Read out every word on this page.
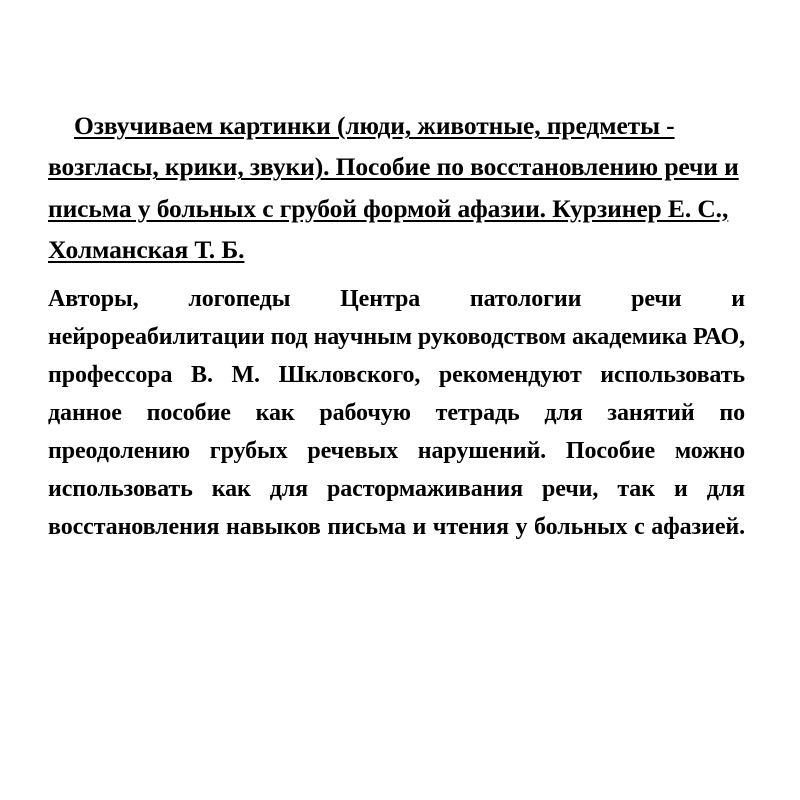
Озвучиваем картинки (люди, животные, предметы - возгласы, крики, звуки). Пособие по восстановлению речи и письма у больных с грубой формой афазии. Курзинер Е. С., Холманская Т. Б.

Авторы, логопеды Центра патологии речи и нейрореабилитации под научным руководством академика РАО, профессора В. М. Шкловского, рекомендуют использовать данное пособие как рабочую тетрадь для занятий по преодолению грубых речевых нарушений. Пособие можно использовать как для растормаживания речи, так и для восстановления навыков письма и чтения у больных с афазией.
